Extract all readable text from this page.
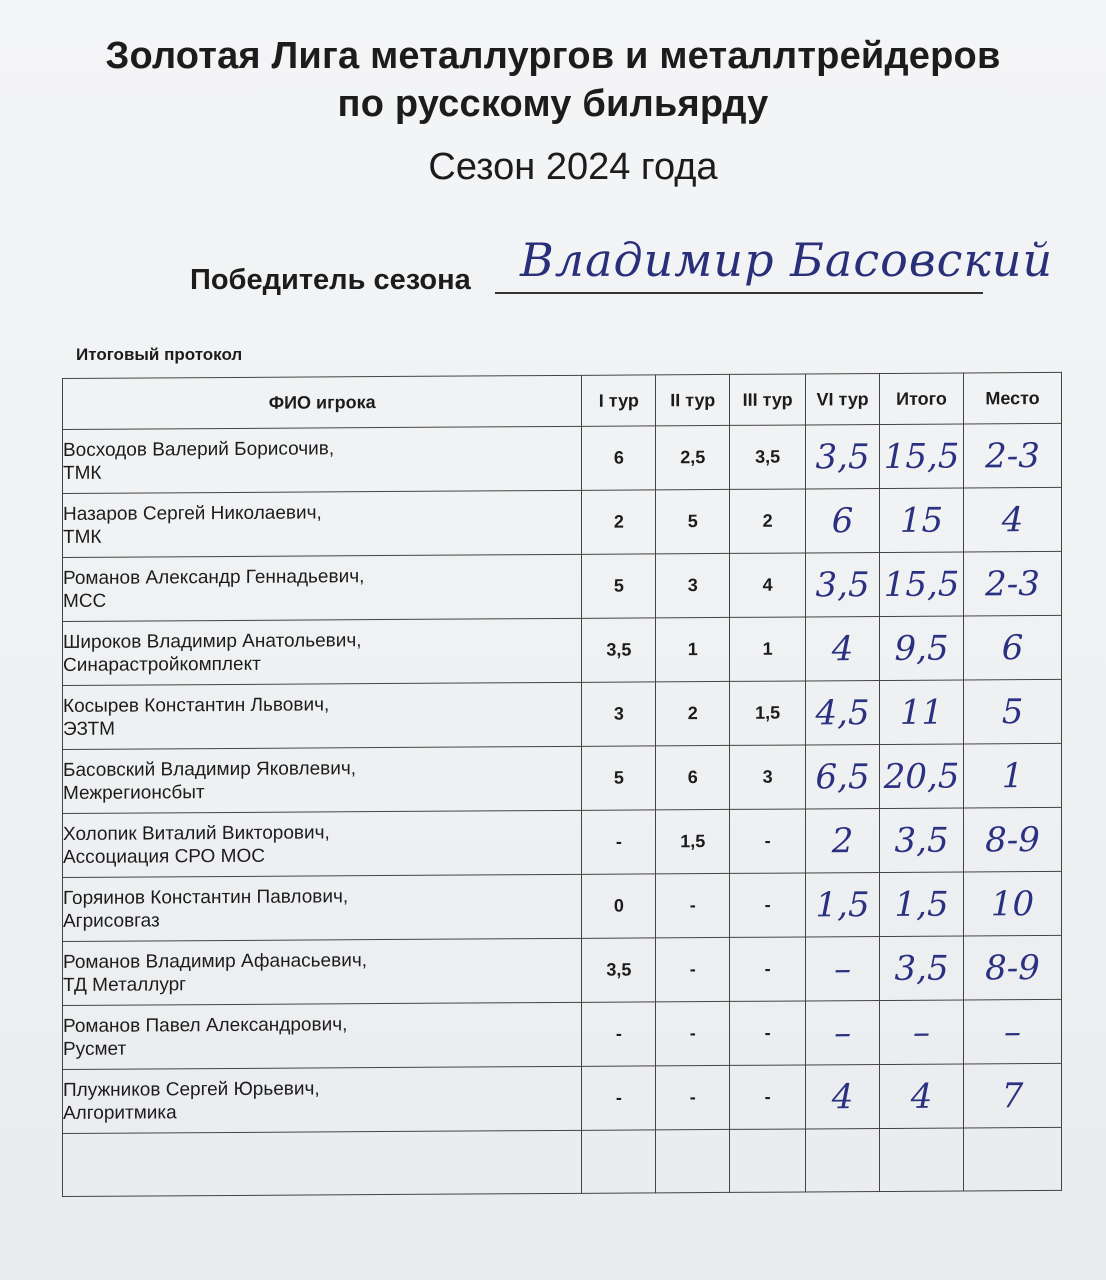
Золотая Лига металлургов и металлтрейдеров
по русскому бильярду
Сезон 2024 года
Победитель сезона Владимир Басовский
Итоговый протокол
ФИО игрока	I тур	II тур	III тур	VI тур	Итого	Место

Восходов Валерий Борисочив,
ТМК	6	2,5	3,5	3,5	15,5	2-3

Назаров Сергей Николаевич,
ТМК	2	5	2	6	15	4

Романов Александр Геннадьевич,
МСС	5	3	4	3,5	15,5	2-3

Широков Владимир Анатольевич,
Синарастройкомплект	3,5	1	1	4	9,5	6

Косырев Константин Львович,
ЭЗТМ	3	2	1,5	4,5	11	5

Басовский Владимир Яковлевич,
Межрегионсбыт	5	6	3	6,5	20,5	1

Холопик Виталий Викторович,
Ассоциация СРО МОС	-	1,5	-	2	3,5	8-9

Горяинов Константин Павлович,
Агрисовгаз	0	-	-	1,5	1,5	10

Романов Владимир Афанасьевич,
ТД Металлург	3,5	-	-	–	3,5	8-9

Романов Павел Александрович,
Русмет	-	-	-	–	–	–

Плужников Сергей Юрьевич,
Алгоритмика	-	-	-	4	4	7
